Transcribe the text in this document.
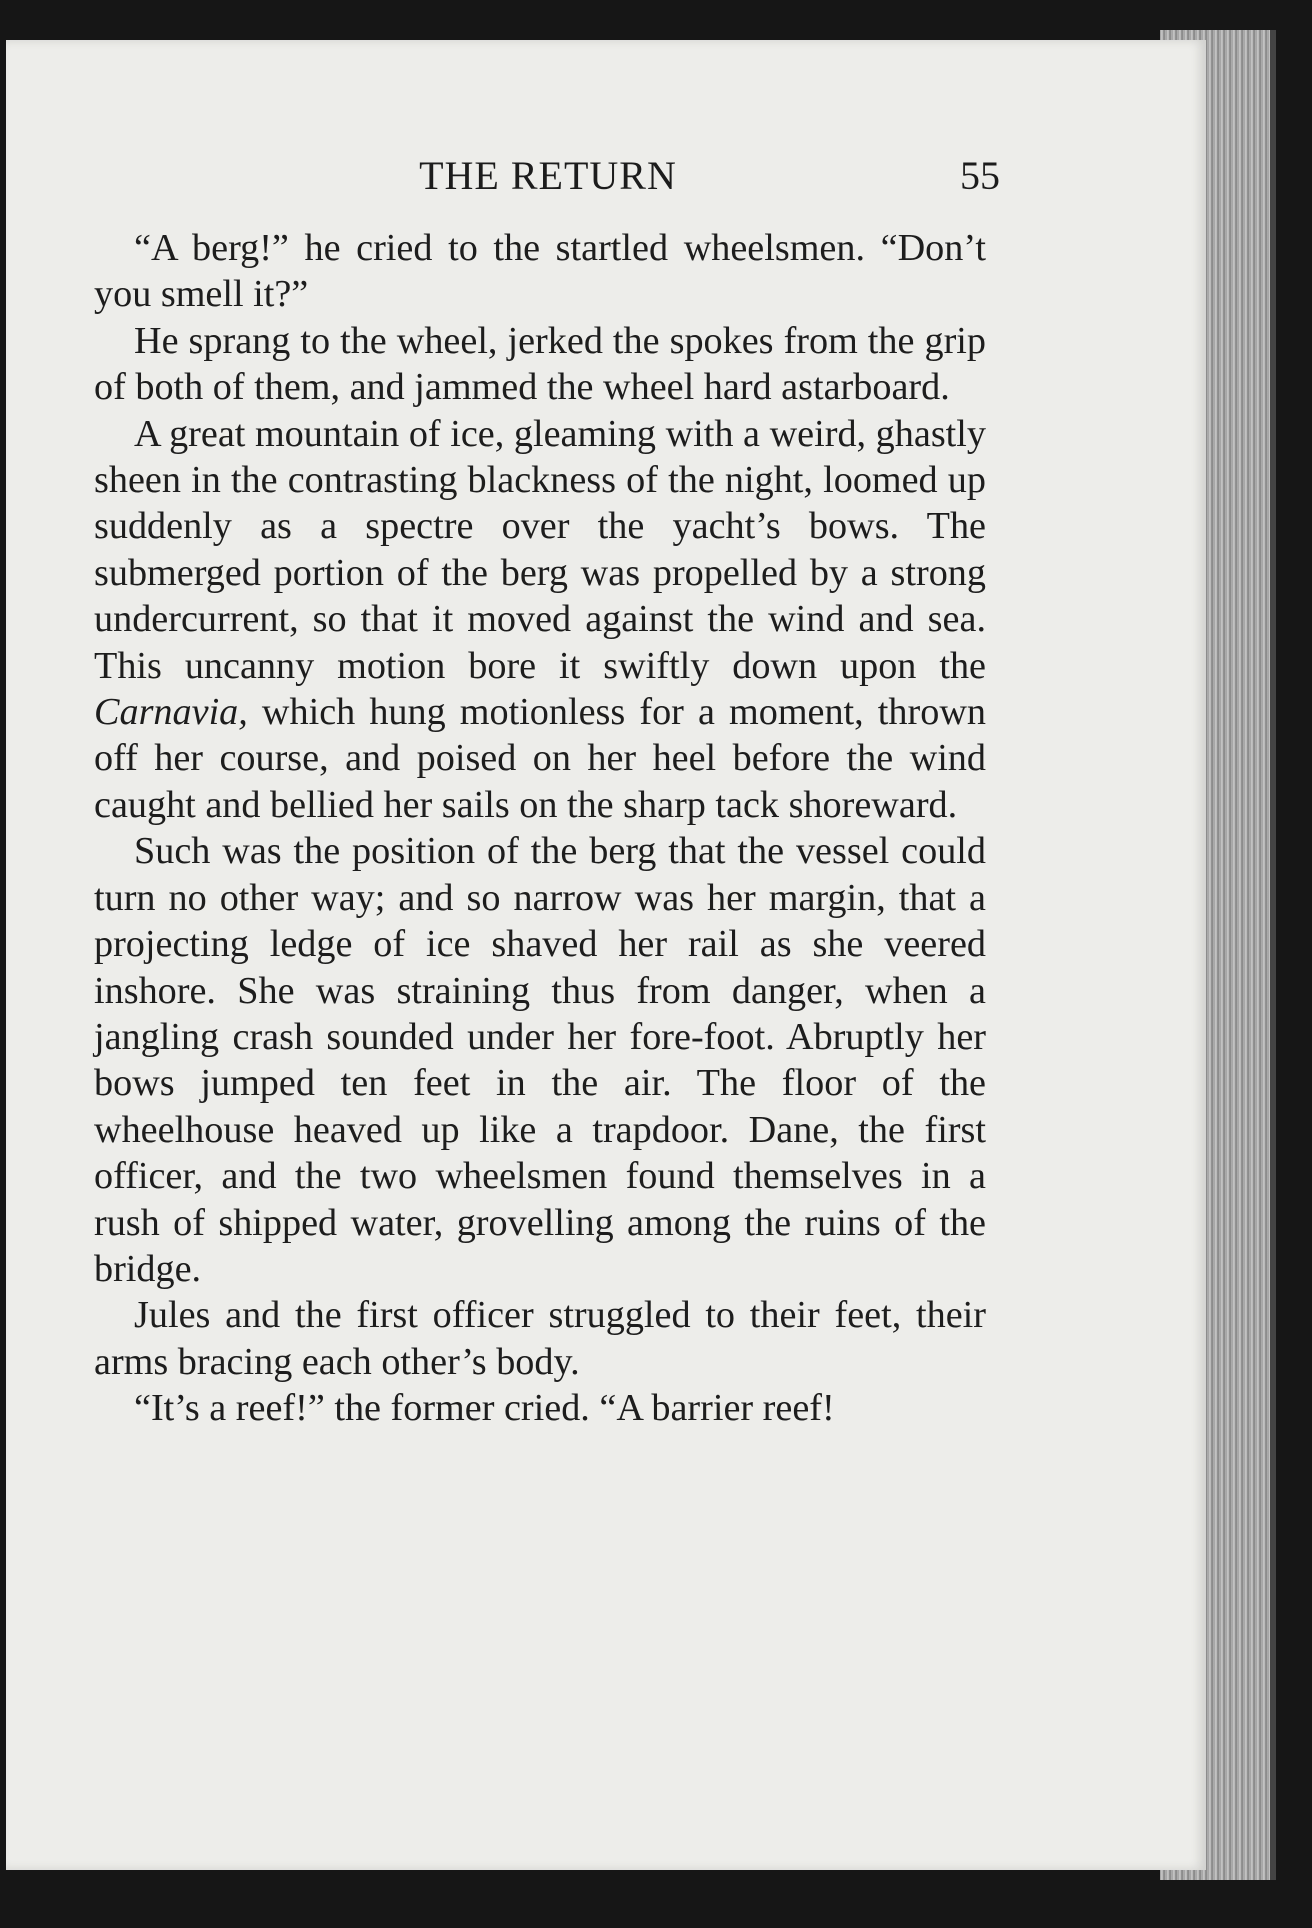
THE RETURN	55

“A berg!” he cried to the startled wheelsmen. “Don’t you smell it?”

He sprang to the wheel, jerked the spokes from the grip of both of them, and jammed the wheel hard astarboard.

A great mountain of ice, gleaming with a weird, ghastly sheen in the contrasting blackness of the night, loomed up suddenly as a spectre over the yacht’s bows. The submerged portion of the berg was propelled by a strong undercurrent, so that it moved against the wind and sea. This uncanny motion bore it swiftly down upon the Carnavia, which hung motionless for a moment, thrown off her course, and poised on her heel before the wind caught and bellied her sails on the sharp tack shoreward.

Such was the position of the berg that the vessel could turn no other way; and so narrow was her margin, that a projecting ledge of ice shaved her rail as she veered inshore. She was straining thus from danger, when a jangling crash sounded under her fore-foot. Abruptly her bows jumped ten feet in the air. The floor of the wheelhouse heaved up like a trapdoor. Dane, the first officer, and the two wheelsmen found themselves in a rush of shipped water, grovelling among the ruins of the bridge.

Jules and the first officer struggled to their feet, their arms bracing each other’s body.

“It’s a reef!” the former cried. “A barrier reef!
